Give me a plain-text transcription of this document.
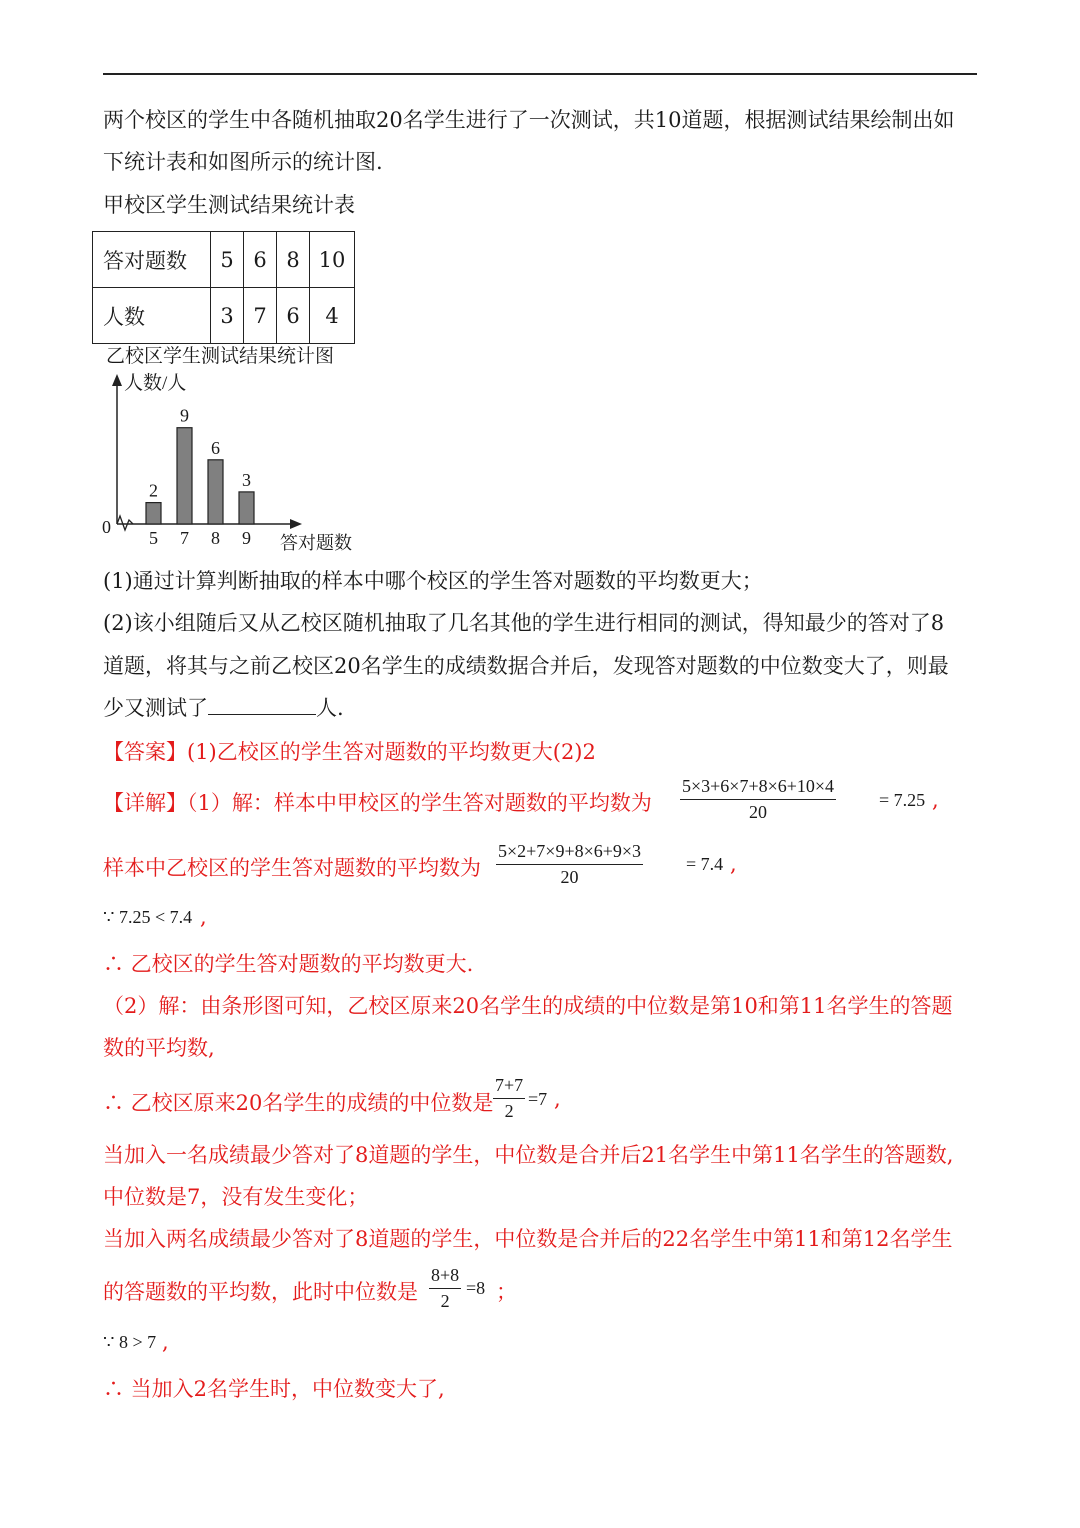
两个校区的学生中各随机抽取20名学生进行了一次测试，共10道题，根据测试结果绘制出如
下统计表和如图所示的统计图.
甲校区学生测试结果统计表
答对题数	5	6	8	10
人数	3	7	6	4
乙校区学生测试结果统计图
人数/人
答对题数
0
2
5
9
7
6
8
3
9
(1)通过计算判断抽取的样本中哪个校区的学生答对题数的平均数更大；
(2)该小组随后又从乙校区随机抽取了几名其他的学生进行相同的测试，得知最少的答对了8
道题，将其与之前乙校区20名学生的成绩数据合并后，发现答对题数的中位数变大了，则最
少又测试了	人.
【答案】(1)乙校区的学生答对题数的平均数更大(2)2
【详解】（1）解：样本中甲校区的学生答对题数的平均数为 $\frac{5\times 3+6\times 7+8\times 6+10\times 4}{20} = 7.25$ ,
样本中乙校区的学生答对题数的平均数为 $\frac{5\times 2+7\times 9+8\times 6+9\times 3}{20} = 7.4$ ,
∵ 7.25 < 7.4 ,
∴ 乙校区的学生答对题数的平均数更大.
（2）解：由条形图可知，乙校区原来20名学生的成绩的中位数是第10和第11名学生的答题
数的平均数,
∴ 乙校区原来20名学生的成绩的中位数是 $\frac{7+7}{2} =7$ ,
当加入一名成绩最少答对了8道题的学生，中位数是合并后21名学生中第11名学生的答题数,
中位数是7，没有发生变化；
当加入两名成绩最少答对了8道题的学生，中位数是合并后的22名学生中第11和第12名学生
的答题数的平均数，此时中位数是 $\frac{8+8}{2} =8$ ；
∵ 8 > 7 ,
∴ 当加入2名学生时，中位数变大了,
